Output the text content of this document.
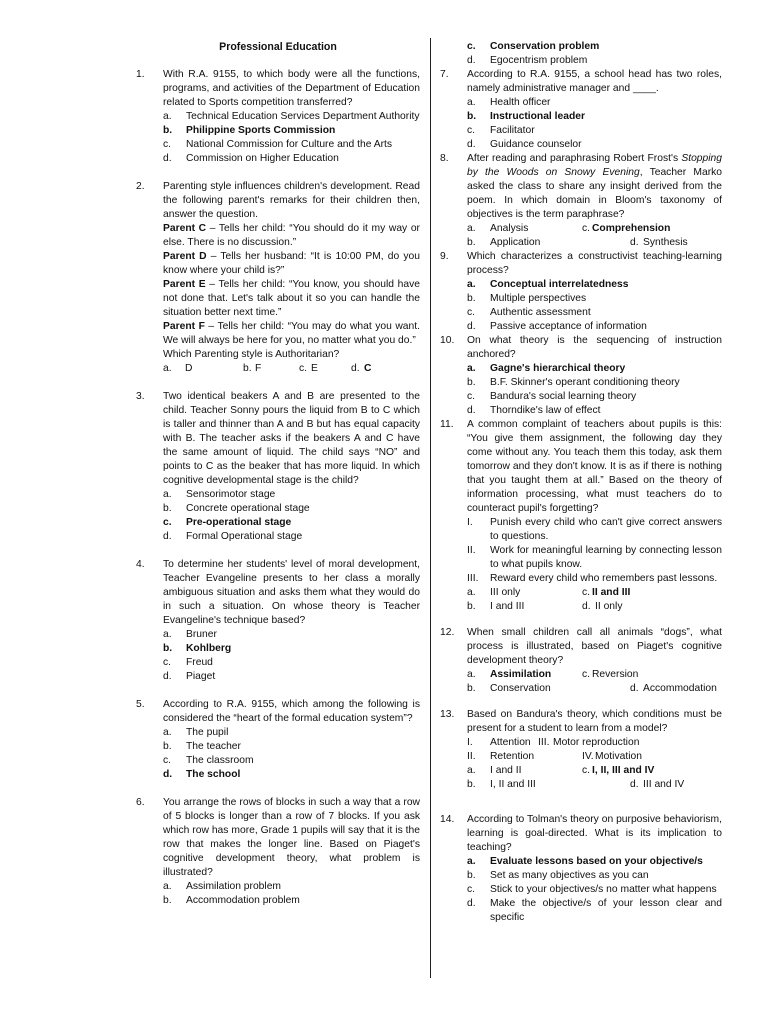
Professional Education
1. With R.A. 9155, to which body were all the functions, programs, and activities of the Department of Education related to Sports competition transferred?
a. Technical Education Services Department Authority
b. Philippine Sports Commission
c. National Commission for Culture and the Arts
d. Commission on Higher Education
2. Parenting style influences children's development. Read the following parent's remarks for their children then, answer the question.

Parent C – Tells her child: “You should do it my way or else. There is no discussion.”

Parent D – Tells her husband: “It is 10:00 PM, do you know where your child is?”

Parent E – Tells her child: “You know, you should have not done that. Let's talk about it so you can handle the situation better next time.”

Parent F – Tells her child: “You may do what you want. We will always be here for you, no matter what you do.”

Which Parenting style is Authoritarian?

a.	D	b. F	c. E	d. C
3. Two identical beakers A and B are presented to the child. Teacher Sonny pours the liquid from B to C which is taller and thinner than A and B but has equal capacity with B. The teacher asks if the beakers A and C have the same amount of liquid. The child says “NO” and points to C as the beaker that has more liquid. In which cognitive developmental stage is the child?
a. Sensorimotor stage
b. Concrete operational stage
c. Pre-operational stage
d. Formal Operational stage
4. To determine her students' level of moral development, Teacher Evangeline presents to her class a morally ambiguous situation and asks them what they would do in such a situation. On whose theory is Teacher Evangeline's technique based?
a. Bruner
b. Kohlberg
c. Freud
d. Piaget
5. According to R.A. 9155, which among the following is considered the “heart of the formal education system”?
a. The pupil
b. The teacher
c. The classroom
d. The school
6. You arrange the rows of blocks in such a way that a row of 5 blocks is longer than a row of 7 blocks. If you ask which row has more, Grade 1 pupils will say that it is the row that makes the longer line. Based on Piaget's cognitive development theory, what problem is illustrated?
a. Assimilation problem
b. Accommodation problem
c. Conservation problem
d. Egocentrism problem
7. According to R.A. 9155, a school head has two roles, namely administrative manager and ____.
a. Health officer
b. Instructional leader
c. Facilitator
d. Guidance counselor
8. After reading and paraphrasing Robert Frost's Stopping by the Woods on Snowy Evening, Teacher Marko asked the class to share any insight derived from the poem. In which domain in Bloom's taxonomy of objectives is the term paraphrase?
a.	Analysis	c. Comprehension
b.	Application	d. Synthesis
9. Which characterizes a constructivist teaching-learning process?
a. Conceptual interrelatedness
b. Multiple perspectives
c. Authentic assessment
d. Passive acceptance of information
10. On what theory is the sequencing of instruction anchored?
a. Gagne's hierarchical theory
b. B.F. Skinner's operant conditioning theory
c. Bandura's social learning theory
d. Thorndike's law of effect
11. A common complaint of teachers about pupils is this: “You give them assignment, the following day they come without any. You teach them this today, ask them tomorrow and they don't know. It is as if there is nothing that you taught them at all.” Based on the theory of information processing, what must teachers do to counteract pupil's forgetting?
I. Punish every child who can't give correct answers to questions.
II. Work for meaningful learning by connecting lesson to what pupils know.
III. Reward every child who remembers past lessons.
a.	III only	c. II and III
b.	I and III	d. II only
12. When small children call all animals “dogs”, what process is illustrated, based on Piaget's cognitive development theory?
a.	Assimilation	c. Reversion
b.	Conservation	d. Accommodation
13. Based on Bandura's theory, which conditions must be present for a student to learn from a model?
I.	Attention III. Motor reproduction
II.	Retention	IV. Motivation
a.	I and II	c. I, II, III and IV
b.	I, II and III	d. III and IV
14. According to Tolman's theory on purposive behaviorism, learning is goal-directed. What is its implication to teaching?
a. Evaluate lessons based on your objective/s
b. Set as many objectives as you can
c. Stick to your objectives/s no matter what happens
d. Make the objective/s of your lesson clear and specific
